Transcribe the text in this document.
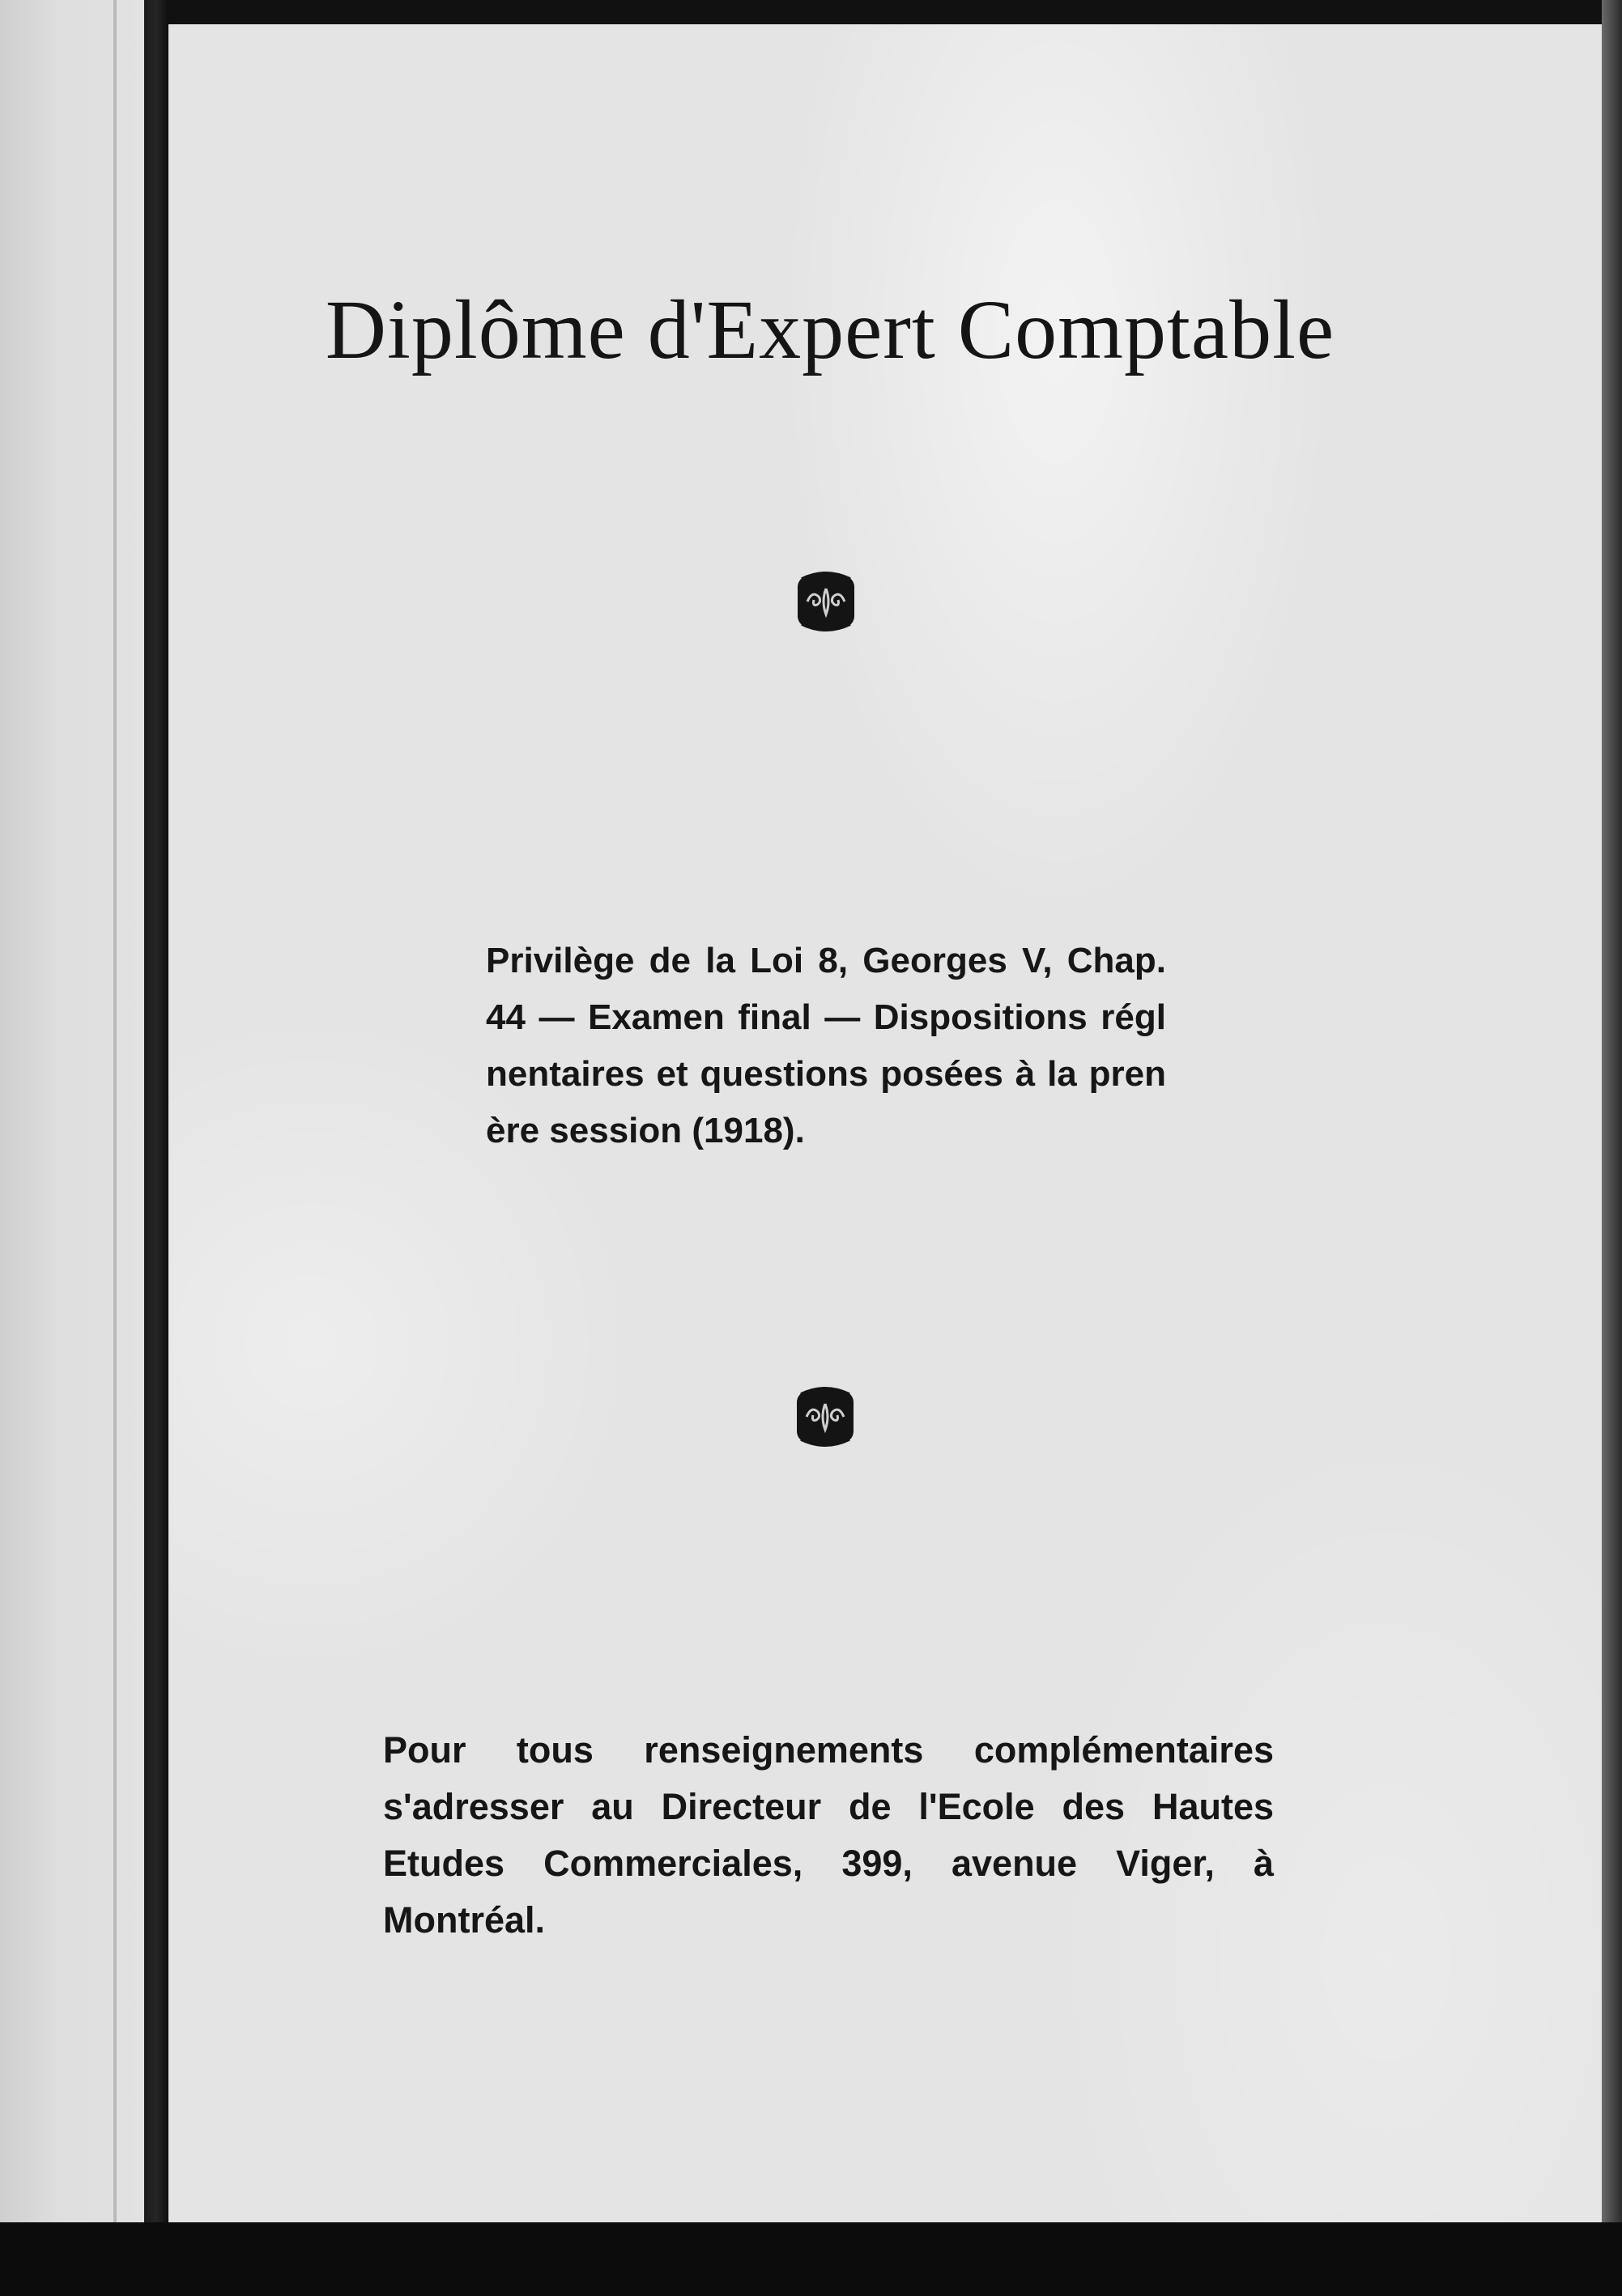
Diplôme d'Expert Comptable

Privilège de la Loi 8, Georges V, Chap. 44 — Examen final — Dispositions régl nentaires et questions posées à la pren ère session (1918).

Pour tous renseignements complémentaires s'adresser au Directeur de l'Ecole des Hautes Etudes Commerciales, 399, avenue Viger, à Montréal.
